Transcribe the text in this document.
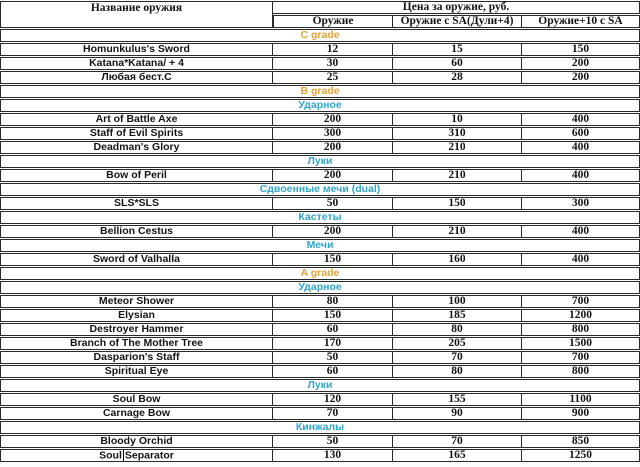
Название оружия	Цена за оружие, руб.		
	Оружие	Оружие с SA(Дули+4)	Оружие+10 с SA
C grade			
Homunkulus's Sword	12	15	150
Katana*Katana/ + 4	30	60	200
Любая бест.С	25	28	200
B grade			
Ударное			
Art of Battle Axe	200	10	400
Staff of Evil Spirits	300	310	600
Deadman's Glory	200	210	400
Луки			
Bow of Peril	200	210	400
Сдвоенные мечи (dual)			
SLS*SLS	50	150	300
Кастеты			
Bellion Cestus	200	210	400
Мечи			
Sword of Valhalla	150	160	400
A grade			
Ударное			
Meteor Shower	80	100	700
Elysian	150	185	1200
Destroyer Hammer	60	80	800
Branch of The Mother Tree	170	205	1500
Dasparion's Staff	50	70	700
Spiritual Eye	60	80	800
Луки			
Soul Bow	120	155	1100
Carnage Bow	70	90	900
Кинжалы			
Bloody Orchid	50	70	850
Soul Separator	130	165	1250
